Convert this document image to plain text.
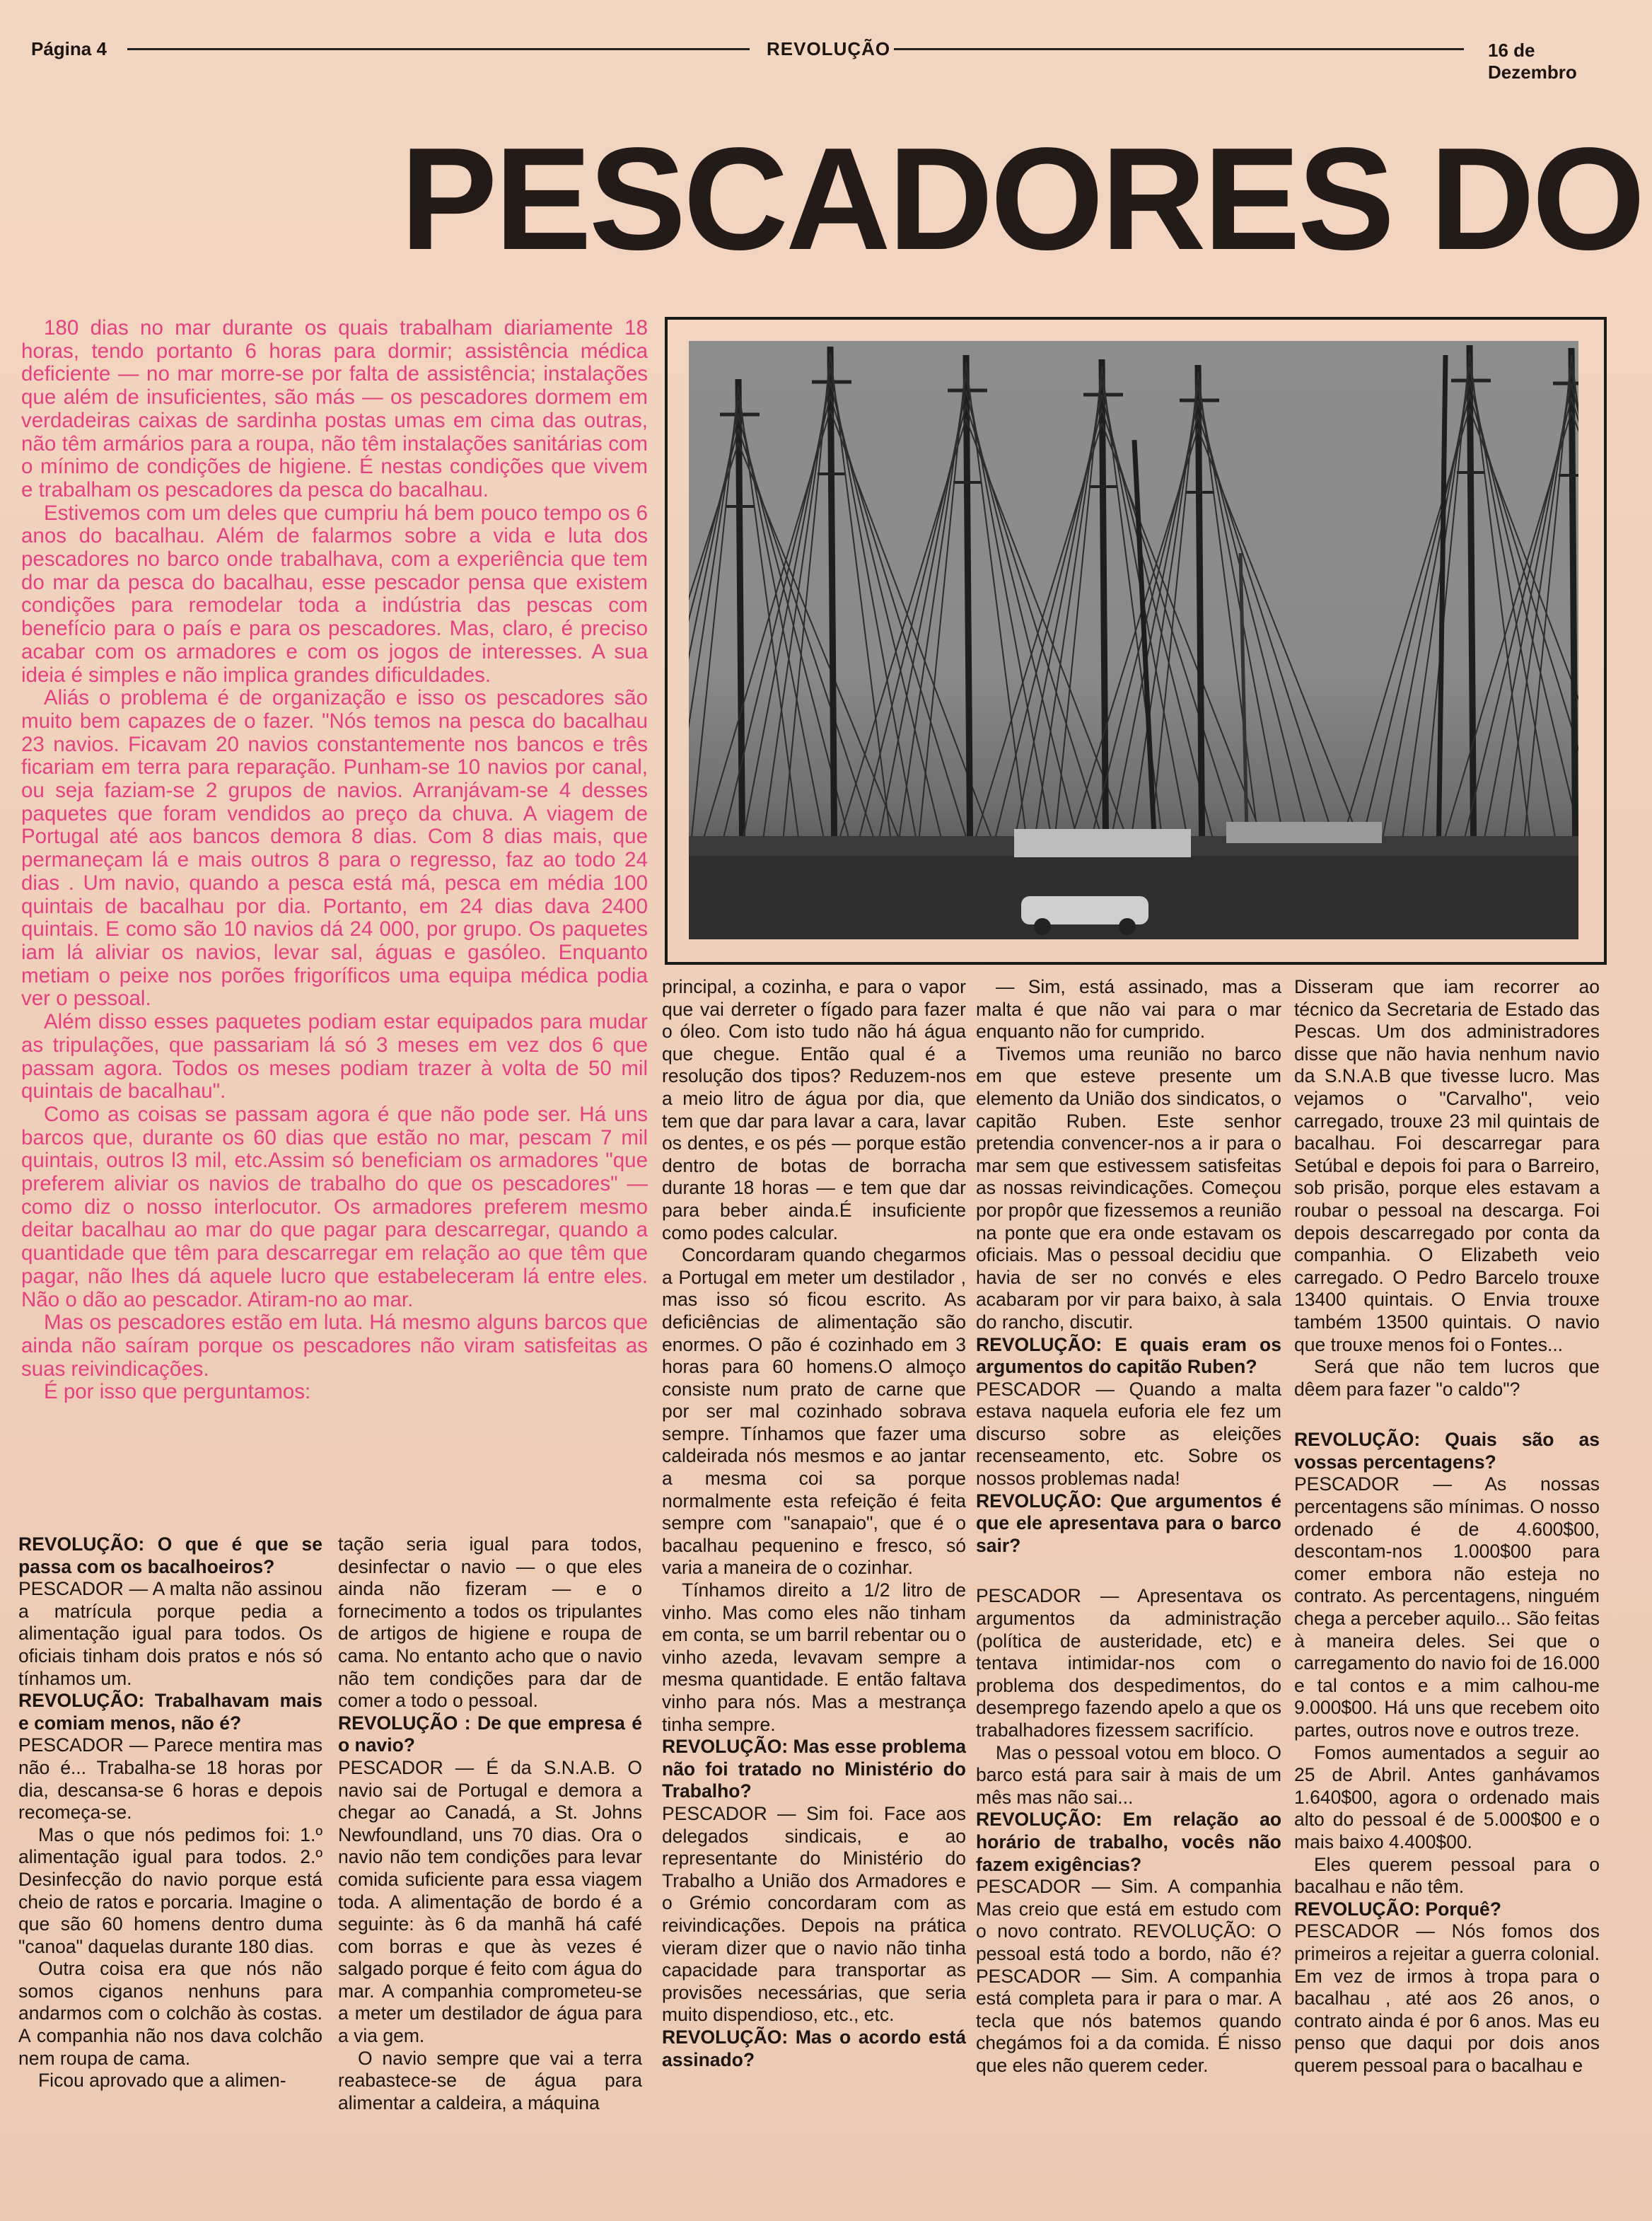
Página 4	REVOLUÇÃO	16 de Dezembro
PESCADORES DO

180 dias no mar durante os quais trabalham diariamente 18 horas, tendo portanto 6 horas para dormir; assistência médica deficiente — no mar morre-se por falta de assistência; instalações que além de insuficientes, são más — os pescadores dormem em verdadeiras caixas de sardinha postas umas em cima das outras, não têm armários para a roupa, não têm instalações sanitárias com o mínimo de condições de higiene. É nestas condições que vivem e trabalham os pescadores da pesca do bacalhau.

Estivemos com um deles que cumpriu há bem pouco tempo os 6 anos do bacalhau. Além de falarmos sobre a vida e luta dos pescadores no barco onde trabalhava, com a experiência que tem do mar da pesca do bacalhau, esse pescador pensa que existem condições para remodelar toda a indústria das pescas com benefício para o país e para os pescadores. Mas, claro, é preciso acabar com os armadores e com os jogos de interesses. A sua ideia é simples e não implica grandes dificuldades.

Aliás o problema é de organização e isso os pescadores são muito bem capazes de o fazer. "Nós temos na pesca do bacalhau 23 navios. Ficavam 20 navios constantemente nos bancos e três ficariam em terra para reparação. Punham-se 10 navios por canal, ou seja faziam-se 2 grupos de navios. Arranjávam-se 4 desses paquetes que foram vendidos ao preço da chuva. A viagem de Portugal até aos bancos demora 8 dias. Com 8 dias mais, que permaneçam lá e mais outros 8 para o regresso, faz ao todo 24 dias . Um navio, quando a pesca está má, pesca em média 100 quintais de bacalhau por dia. Portanto, em 24 dias dava 2400 quintais. E como são 10 navios dá 24 000, por grupo. Os paquetes iam lá aliviar os navios, levar sal, águas e gasóleo. Enquanto metiam o peixe nos porões frigoríficos uma equipa médica podia ver o pessoal.

Além disso esses paquetes podiam estar equipados para mudar as tripulações, que passariam lá só 3 meses em vez dos 6 que passam agora. Todos os meses podiam trazer à volta de 50 mil quintais de bacalhau".

Como as coisas se passam agora é que não pode ser. Há uns barcos que, durante os 60 dias que estão no mar, pescam 7 mil quintais, outros l3 mil, etc.Assim só beneficiam os armadores "que preferem aliviar os navios de trabalho do que os pescadores" — como diz o nosso interlocutor. Os armadores preferem mesmo deitar bacalhau ao mar do que pagar para descarregar, quando a quantidade que têm para descarregar em relação ao que têm que pagar, não lhes dá aquele lucro que estabeleceram lá entre eles. Não o dão ao pescador. Atiram-no ao mar.

Mas os pescadores estão em luta. Há mesmo alguns barcos que ainda não saíram porque os pescadores não viram satisfeitas as suas reivindicações.

É por isso que perguntamos:

REVOLUÇÃO: O que é que se passa com os bacalhoeiros?

PESCADOR — A malta não assinou a matrícula porque pedia a alimentação igual para todos. Os oficiais tinham dois pratos e nós só tínhamos um.

REVOLUÇÃO: Trabalhavam mais e comiam menos, não é?

PESCADOR — Parece mentira mas não é... Trabalha-se 18 horas por dia, descansa-se 6 horas e depois recomeça-se.

Mas o que nós pedimos foi: 1.º alimentação igual para todos. 2.º Desinfecção do navio porque está cheio de ratos e porcaria. Imagine o que são 60 homens dentro duma "canoa" daquelas durante 180 dias.

Outra coisa era que nós não somos ciganos nenhuns para andarmos com o colchão às costas. A companhia não nos dava colchão nem roupa de cama.

Ficou aprovado que a alimen-

tação seria igual para todos, desinfectar o navio — o que eles ainda não fizeram — e o fornecimento a todos os tripulantes de artigos de higiene e roupa de cama. No entanto acho que o navio não tem condições para dar de comer a todo o pessoal.

REVOLUÇÃO : De que empresa é o navio?

PESCADOR — É da S.N.A.B. O navio sai de Portugal e demora a chegar ao Canadá, a St. Johns Newfoundland, uns 70 dias. Ora o navio não tem condições para levar comida suficiente para essa viagem toda. A alimentação de bordo é a seguinte: às 6 da manhã há café com borras e que às vezes é salgado porque é feito com água do mar. A companhia comprometeu-se a meter um destilador de água para a via gem.

O navio sempre que vai a terra reabastece-se de água para alimentar a caldeira, a máquina

principal, a cozinha, e para o vapor que vai derreter o fígado para fazer o óleo. Com isto tudo não há água que chegue. Então qual é a resolução dos tipos? Reduzem-nos a meio litro de água por dia, que tem que dar para lavar a cara, lavar os dentes, e os pés — porque estão dentro de botas de borracha durante 18 horas — e tem que dar para beber ainda.É insuficiente como podes calcular.

Concordaram quando chegarmos a Portugal em meter um destilador , mas isso só ficou escrito. As deficiências de alimentação são enormes. O pão é cozinhado em 3 horas para 60 homens.O almoço consiste num prato de carne que por ser mal cozinhado sobrava sempre. Tínhamos que fazer uma caldeirada nós mesmos e ao jantar a mesma coi sa porque normalmente esta refeição é feita sempre com "sanapaio", que é o bacalhau pequenino e fresco, só varia a maneira de o cozinhar.

Tínhamos direito a 1/2 litro de vinho. Mas como eles não tinham em conta, se um barril rebentar ou o vinho azeda, levavam sempre a mesma quantidade. E então faltava vinho para nós. Mas a mestrança tinha sempre.

REVOLUÇÃO: Mas esse problema não foi tratado no Ministério do Trabalho?

PESCADOR — Sim foi. Face aos delegados sindicais, e ao representante do Ministério do Trabalho a União dos Armadores e o Grémio concordaram com as reivindicações. Depois na prática vieram dizer que o navio não tinha capacidade para transportar as provisões necessárias, que seria muito dispendioso, etc., etc.

REVOLUÇÃO: Mas o acordo está assinado?

— Sim, está assinado, mas a malta é que não vai para o mar enquanto não for cumprido.

Tivemos uma reunião no barco em que esteve presente um elemento da União dos sindicatos, o capitão Ruben. Este senhor pretendia convencer-nos a ir para o mar sem que estivessem satisfeitas as nossas reivindicações. Começou por propôr que fizessemos a reunião na ponte que era onde estavam os oficiais. Mas o pessoal decidiu que havia de ser no convés e eles acabaram por vir para baixo, à sala do rancho, discutir.

REVOLUÇÃO: E quais eram os argumentos do capitão Ruben?

PESCADOR — Quando a malta estava naquela euforia ele fez um discurso sobre as eleições recenseamento, etc. Sobre os nossos problemas nada!

REVOLUÇÃO: Que argumentos é que ele apresentava para o barco sair?

PESCADOR — Apresentava os argumentos da administração (política de austeridade, etc) e tentava intimidar-nos com o problema dos despedimentos, do desemprego fazendo apelo a que os trabalhadores fizessem sacrifício.

Mas o pessoal votou em bloco. O barco está para sair à mais de um mês mas não sai...

REVOLUÇÃO: Em relação ao horário de trabalho, vocês não fazem exigências?

PESCADOR — Sim. A companhia Mas creio que está em estudo com o novo contrato. REVOLUÇÃO: O pessoal está todo a bordo, não é? PESCADOR — Sim. A companhia está completa para ir para o mar. A tecla que nós batemos quando chegámos foi a da comida. É nisso que eles não querem ceder.

Disseram que iam recorrer ao técnico da Secretaria de Estado das Pescas. Um dos administradores disse que não havia nenhum navio da S.N.A.B que tivesse lucro. Mas vejamos o "Carvalho", veio carregado, trouxe 23 mil quintais de bacalhau. Foi descarregar para Setúbal e depois foi para o Barreiro, sob prisão, porque eles estavam a roubar o pessoal na descarga. Foi depois descarregado por conta da companhia. O Elizabeth veio carregado. O Pedro Barcelo trouxe 13400 quintais. O Envia trouxe também 13500 quintais. O navio que trouxe menos foi o Fontes...

Será que não tem lucros que dêem para fazer "o caldo"?

REVOLUÇÃO: Quais são as vossas percentagens?

PESCADOR — As nossas percentagens são mínimas. O nosso ordenado é de 4.600$00, descontam-nos 1.000$00 para comer embora não esteja no contrato. As percentagens, ninguém chega a perceber aquilo... São feitas à maneira deles. Sei que o carregamento do navio foi de 16.000 e tal contos e a mim calhou-me 9.000$00. Há uns que recebem oito partes, outros nove e outros treze.

Fomos aumentados a seguir ao 25 de Abril. Antes ganhávamos 1.640$00, agora o ordenado mais alto do pessoal é de 5.000$00 e o mais baixo 4.400$00.

Eles querem pessoal para o bacalhau e não têm.

REVOLUÇÃO: Porquê?

PESCADOR — Nós fomos dos primeiros a rejeitar a guerra colonial. Em vez de irmos à tropa para o bacalhau , até aos 26 anos, o contrato ainda é por 6 anos. Mas eu penso que daqui por dois anos querem pessoal para o bacalhau e
